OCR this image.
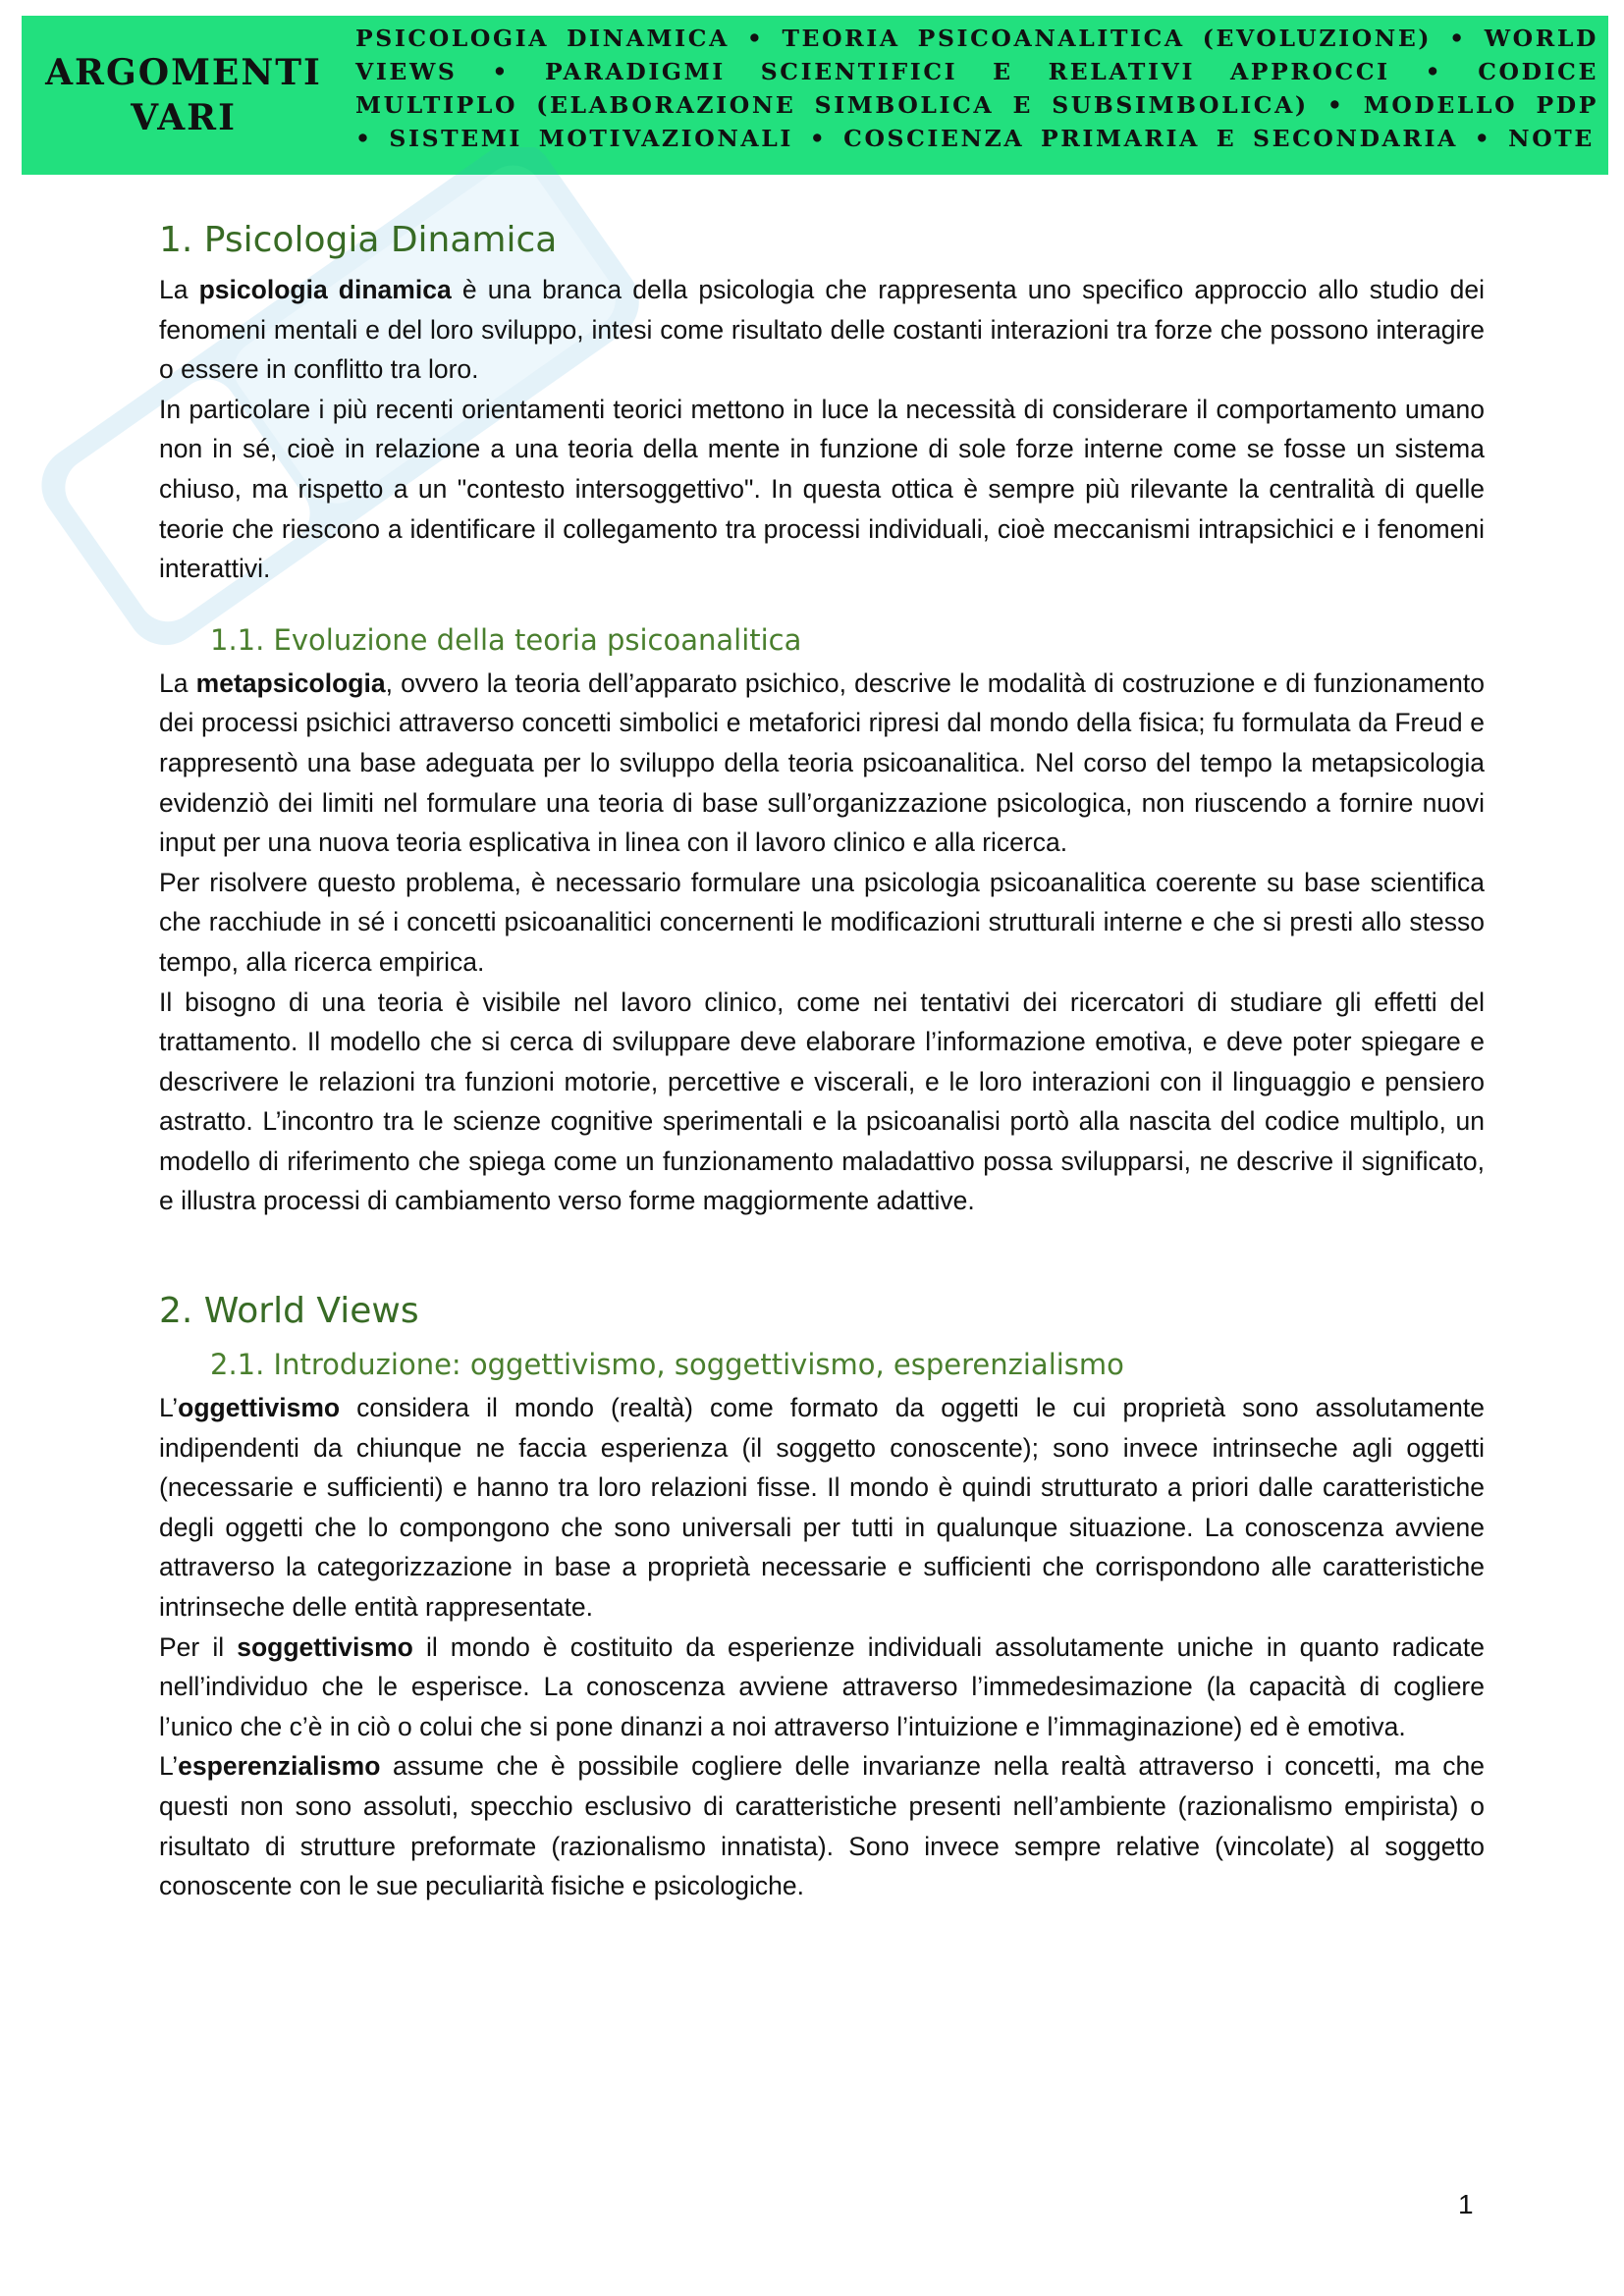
ARGOMENTI
VARI
PSICOLOGIA DINAMICA • TEORIA PSICOANALITICA (EVOLUZIONE) • WORLD VIEWS • PARADIGMI SCIENTIFICI E RELATIVI APPROCCI • CODICE MULTIPLO (ELABORAZIONE SIMBOLICA E SUBSIMBOLICA) • MODELLO PDP • SISTEMI MOTIVAZIONALI • COSCIENZA PRIMARIA E SECONDARIA • NOTE
1. Psicologia Dinamica

La psicologia dinamica è una branca della psicologia che rappresenta uno specifico approccio allo studio dei fenomeni mentali e del loro sviluppo, intesi come risultato delle costanti interazioni tra forze che possono interagire o essere in conflitto tra loro.

In particolare i più recenti orientamenti teorici mettono in luce la necessità di considerare il comportamento umano non in sé, cioè in relazione a una teoria della mente in funzione di sole forze interne come se fosse un sistema chiuso, ma rispetto a un "contesto intersoggettivo". In questa ottica è sempre più rilevante la centralità di quelle teorie che riescono a identificare il collegamento tra processi individuali, cioè meccanismi intrapsichici e i fenomeni interattivi.

1.1. Evoluzione della teoria psicoanalitica

La metapsicologia, ovvero la teoria dell’apparato psichico, descrive le modalità di costruzione e di funzionamento dei processi psichici attraverso concetti simbolici e metaforici ripresi dal mondo della fisica; fu formulata da Freud e rappresentò una base adeguata per lo sviluppo della teoria psicoanalitica. Nel corso del tempo la metapsicologia evidenziò dei limiti nel formulare una teoria di base sull’organizzazione psicologica, non riuscendo a fornire nuovi input per una nuova teoria esplicativa in linea con il lavoro clinico e alla ricerca.

Per risolvere questo problema, è necessario formulare una psicologia psicoanalitica coerente su base scientifica che racchiude in sé i concetti psicoanalitici concernenti le modificazioni strutturali interne e che si presti allo stesso tempo, alla ricerca empirica.

Il bisogno di una teoria è visibile nel lavoro clinico, come nei tentativi dei ricercatori di studiare gli effetti del trattamento. Il modello che si cerca di sviluppare deve elaborare l’informazione emotiva, e deve poter spiegare e descrivere le relazioni tra funzioni motorie, percettive e viscerali, e le loro interazioni con il linguaggio e pensiero astratto. L’incontro tra le scienze cognitive sperimentali e la psicoanalisi portò alla nascita del codice multiplo, un modello di riferimento che spiega come un funzionamento maladattivo possa svilupparsi, ne descrive il significato, e illustra processi di cambiamento verso forme maggiormente adattive.

2. World Views
2.1. Introduzione: oggettivismo, soggettivismo, esperenzialismo

L’oggettivismo considera il mondo (realtà) come formato da oggetti le cui proprietà sono assolutamente indipendenti da chiunque ne faccia esperienza (il soggetto conoscente); sono invece intrinseche agli oggetti (necessarie e sufficienti) e hanno tra loro relazioni fisse. Il mondo è quindi strutturato a priori dalle caratteristiche degli oggetti che lo compongono che sono universali per tutti in qualunque situazione. La conoscenza avviene attraverso la categorizzazione in base a proprietà necessarie e sufficienti che corrispondono alle caratteristiche intrinseche delle entità rappresentate.

Per il soggettivismo il mondo è costituito da esperienze individuali assolutamente uniche in quanto radicate nell’individuo che le esperisce. La conoscenza avviene attraverso l’immedesimazione (la capacità di cogliere l’unico che c’è in ciò o colui che si pone dinanzi a noi attraverso l’intuizione e l’immaginazione) ed è emotiva.

L’esperenzialismo assume che è possibile cogliere delle invarianze nella realtà attraverso i concetti, ma che questi non sono assoluti, specchio esclusivo di caratteristiche presenti nell’ambiente (razionalismo empirista) o risultato di strutture preformate (razionalismo innatista). Sono invece sempre relative (vincolate) al soggetto conoscente con le sue peculiarità fisiche e psicologiche.

1
